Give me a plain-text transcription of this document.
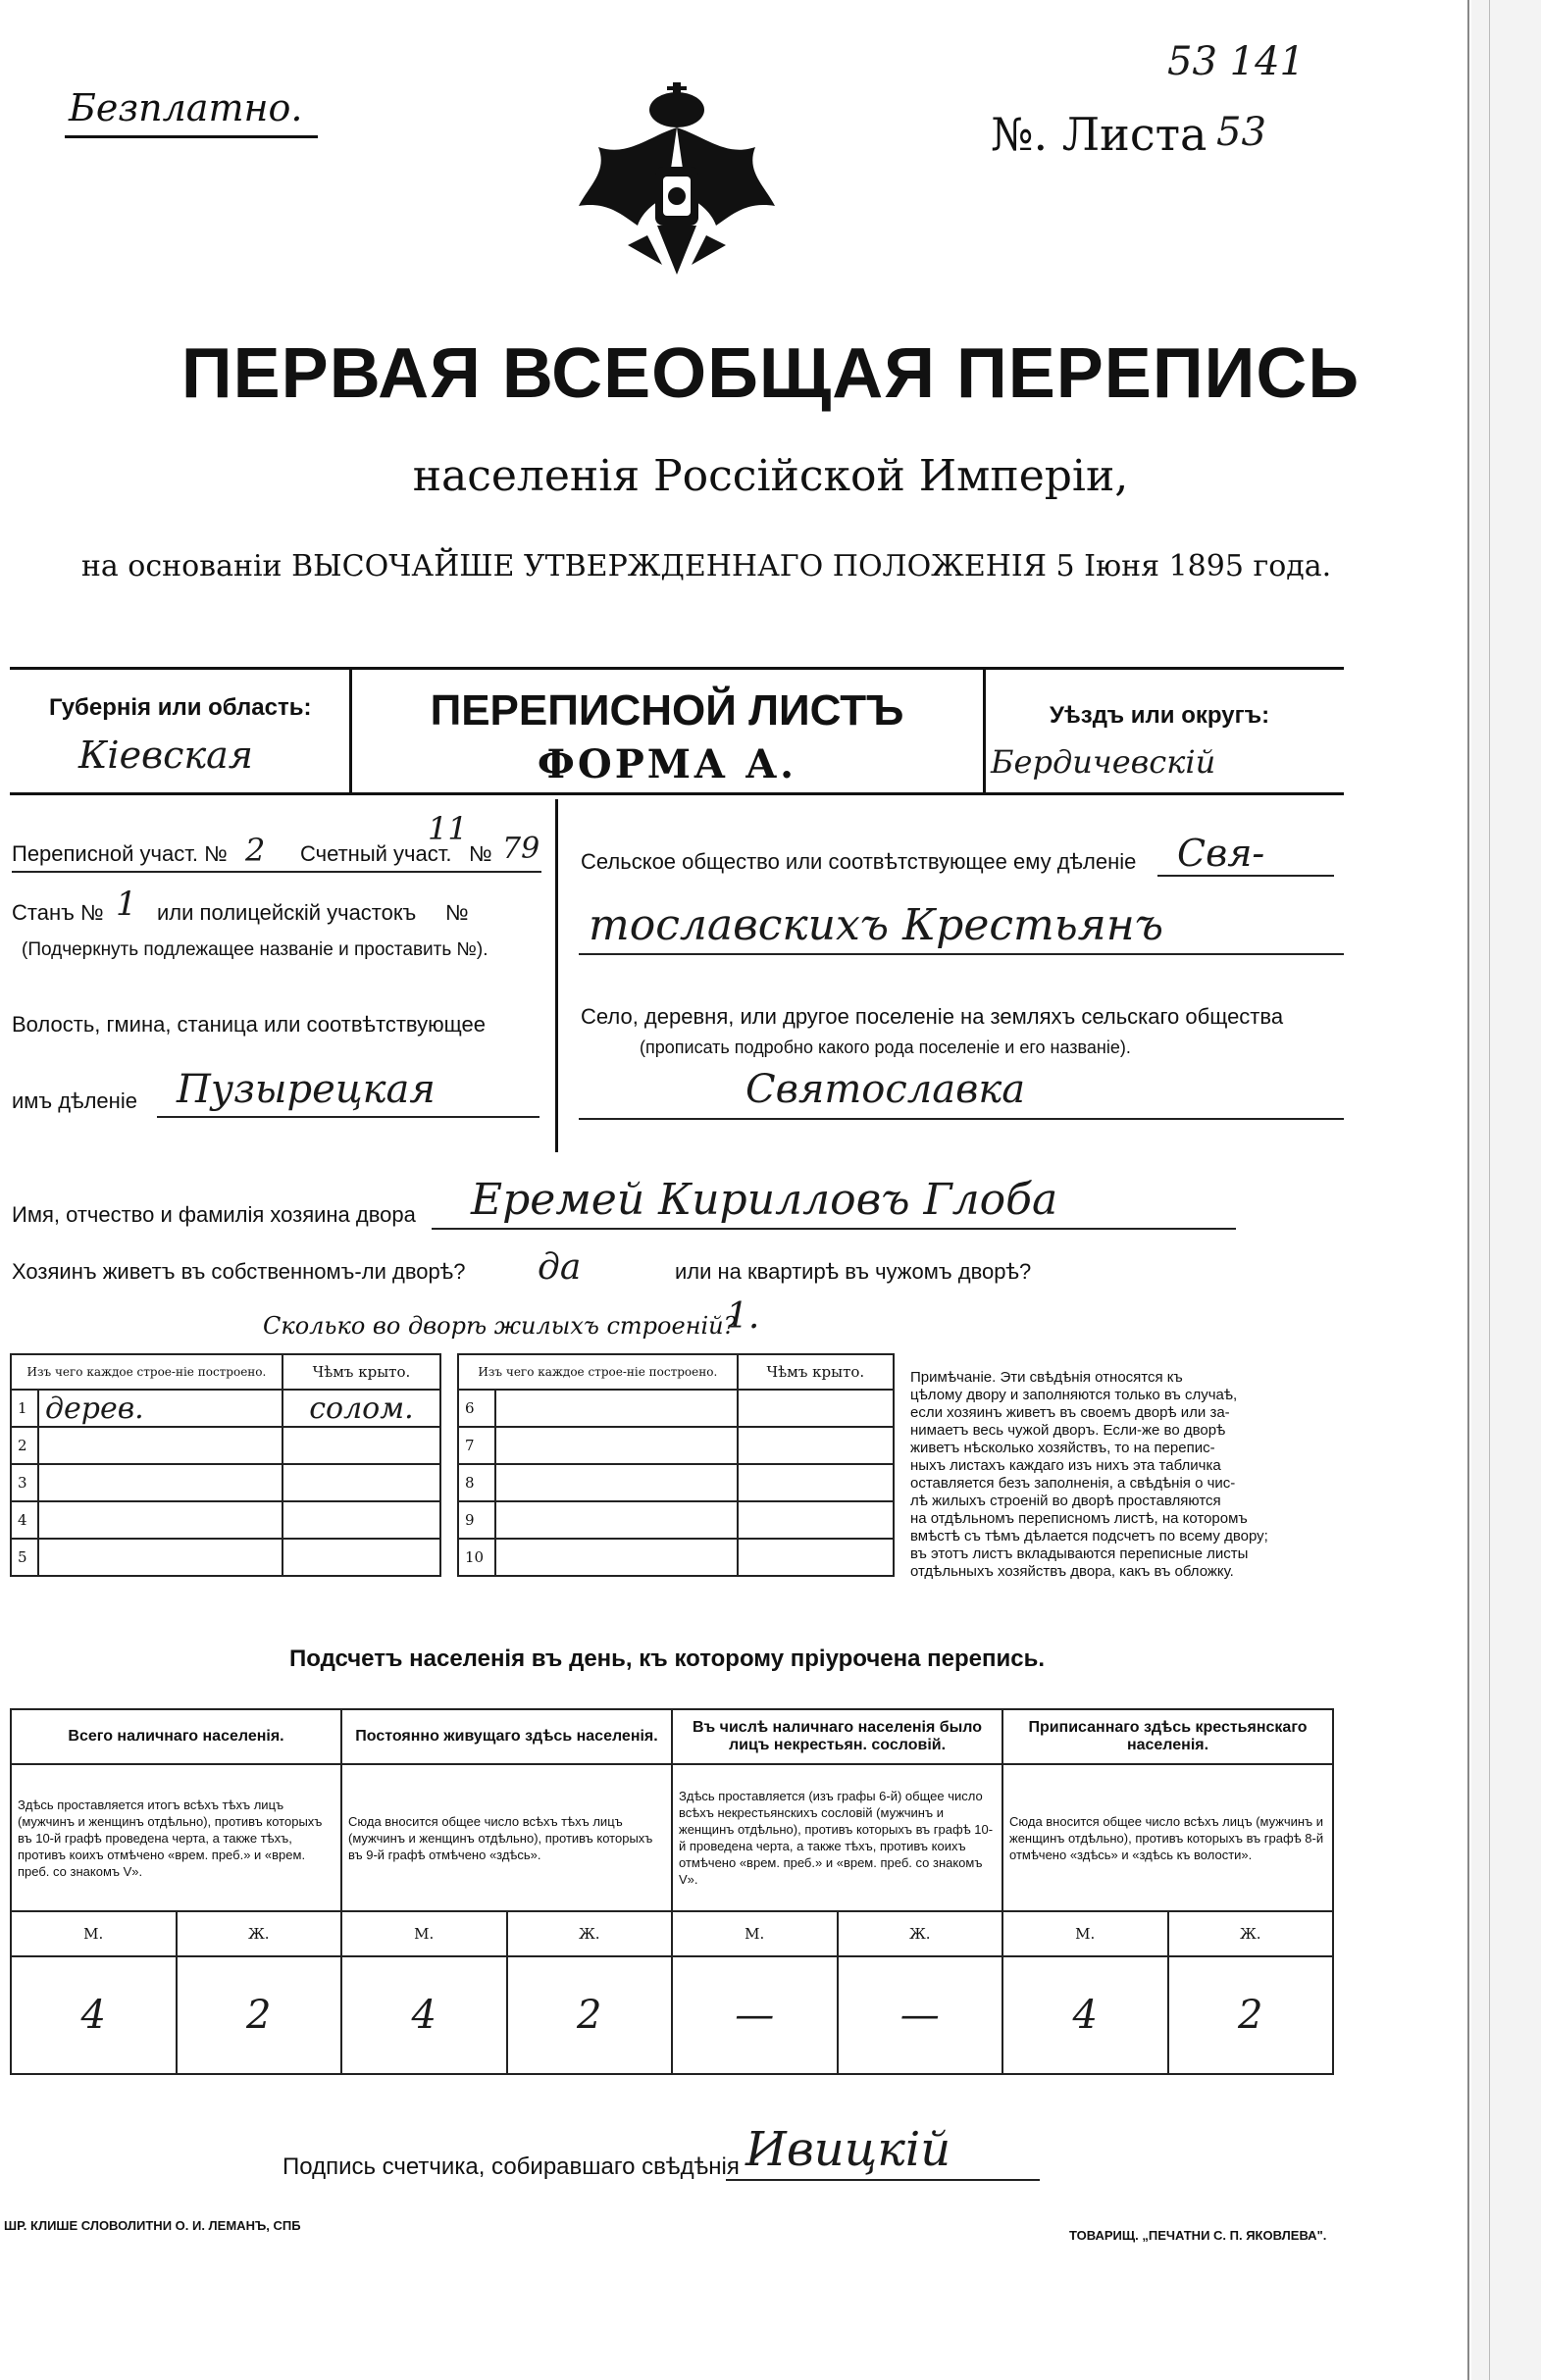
Безплатно.
53 141
№. Листа 53
ПЕРВАЯ ВСЕОБЩАЯ ПЕРЕПИСЬ
населенія Россійской Имперіи,
на основаніи ВЫСОЧАЙШЕ УТВЕРЖДЕННАГО ПОЛОЖЕНІЯ 5 Іюня 1895 года.
Губернія или область:
Кіевская
ПЕРЕПИСНОЙ ЛИСТЪ
ФОРМА А.
Уѣздъ или округъ:
Бердичевскій
Переписной участ. № 2 Счетный участ.
11
№ 79
Станъ № 1 или полицейскій участокъ №
(Подчеркнуть подлежащее названіе и проставить №).
Волость, гмина, станица или соотвѣтствующее
имъ дѣленіе Пузырецкая
Сельское общество или соотвѣтствующее ему дѣленіе Свя-
тославскихъ Крестьянъ
Село, деревня, или другое поселеніе на земляхъ сельскаго общества
(прописать подробно какого рода поселеніе и его названіе).
Святославка
Имя, отчество и фамилія хозяина двора Еремей Кирилловъ Глоба
Хозяинъ живетъ въ собственномъ-ли дворѣ? да	или на квартирѣ въ чужомъ дворѣ?
Сколько во дворѣ жилыхъ строеній?
1.
Изъ чего каждое строе-ніе построено.		Чѣмъ крыто.
1	дерев.	солом.
2		
3		
4		
5		
Изъ чего каждое строе-ніе построено.		Чѣмъ крыто.
6		
7		
8		
9		
10		
Примѣчаніе. Эти свѣдѣнія относятся къ
цѣлому двору и заполняются только въ случаѣ,
если хозяинъ живетъ въ своемъ дворѣ или за-
нимаетъ весь чужой дворъ. Если-же во дворѣ
живетъ нѣсколько хозяйствъ, то на перепис-
ныхъ листахъ каждаго изъ нихъ эта табличка
оставляется безъ заполненія, а свѣдѣнія о чис-
лѣ жилыхъ строеній во дворѣ проставляются
на отдѣльномъ переписномъ листѣ, на которомъ
вмѣстѣ съ тѣмъ дѣлается подсчетъ по всему двору;
въ этотъ листъ вкладываются переписные листы
отдѣльныхъ хозяйствъ двора, какъ въ обложку.
Подсчетъ населенія въ день, къ которому пріурочена перепись.
Всего наличнаго населенія.		Постоянно живущаго здѣсь населенія.		Въ числѣ наличнаго населенія было лицъ некрестьян. сословій.		Приписаннаго здѣсь крестьянскаго населенія.	
Здѣсь проставляется итогъ всѣхъ тѣхъ лицъ (мужчинъ и женщинъ отдѣльно), противъ которыхъ въ 10-й графѣ проведена черта, а также тѣхъ, противъ коихъ отмѣчено «врем. преб.» и «врем. преб. со знакомъ V».		Сюда вносится общее число всѣхъ тѣхъ лицъ (мужчинъ и женщинъ отдѣльно), противъ которыхъ въ 9-й графѣ отмѣчено «здѣсь».		Здѣсь проставляется (изъ графы 6-й) общее число всѣхъ некрестьянскихъ сословій (мужчинъ и женщинъ отдѣльно), противъ которыхъ въ графѣ 10-й проведена черта, а также тѣхъ, противъ коихъ отмѣчено «врем. преб.» и «врем. преб. со знакомъ V».		Сюда вносится общее число всѣхъ лицъ (мужчинъ и женщинъ отдѣльно), противъ которыхъ въ графѣ 8-й отмѣчено «здѣсь» и «здѣсь къ волости».	
М.	Ж.	М.	Ж.	М.	Ж.	М.	Ж.
4	2	4	2	—	—	4	2
Подпись счетчика, собиравшаго свѣдѣнія Ивицкій
ШР. КЛИШЕ СЛОВОЛИТНИ О. И. ЛЕМАНЪ, СПБ
ТОВАРИЩ. „ПЕЧАТНИ С. П. ЯКОВЛЕВА".
